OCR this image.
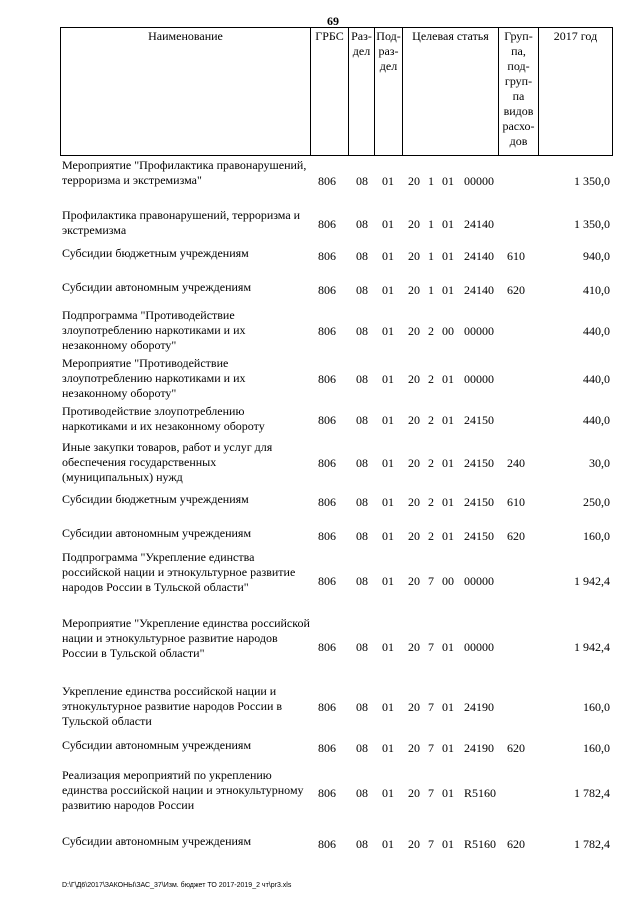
69
Наименование	ГРБС	Раз-
дел	Под-
раз-
дел	Целевая статья	Груп-
па,
под-
груп-
па
видов
расхо-
дов	2017 год
Мероприятие "Профилактика правонарушений, терроризма и экстремизма"	806	08	01	20 1 01 00000	1 350,0
Профилактика правонарушений, терроризма и экстремизма	806	08	01	20 1 01 24140	1 350,0
Субсидии бюджетным учреждениям	806	08	01	20 1 01 24140	610	940,0
Субсидии автономным учреждениям	806	08	01	20 1 01 24140	620	410,0
Подпрограмма "Противодействие злоупотреблению наркотиками и их незаконному обороту"
806	08	01	20 2 00 00000	440,0
Мероприятие "Противодействие злоупотреблению наркотиками и их незаконному обороту"
806	08	01	20 2 01 00000	440,0
Противодействие злоупотреблению наркотиками и их незаконному обороту	806	08	01	20 2 01 24150	440,0
Иные закупки товаров, работ и услуг для обеспечения государственных (муниципальных) нужд
806	08	01	20 2 01 24150	240	30,0
Субсидии бюджетным учреждениям	806	08	01	20 2 01 24150	610	250,0
Субсидии автономным учреждениям	806	08	01	20 2 01 24150	620	160,0
Подпрограмма "Укрепление единства российской нации и этнокультурное развитие народов России в Тульской области"	806	08	01	20 7 00 00000	1 942,4
Мероприятие "Укрепление единства российской нации и этнокультурное развитие народов России в Тульской области"	806	08	01	20 7 01 00000	1 942,4
Укрепление единства российской нации и этнокультурное развитие народов России в Тульской области
806	08	01	20 7 01 24190	160,0
Субсидии автономным учреждениям	806	08	01	20 7 01 24190	620	160,0
Реализация мероприятий по укреплению единства российской нации и этнокультурному развитию народов России
806	08	01	20 7 01 R5160	1 782,4
Субсидии автономным учреждениям	806	08	01	20 7 01 R5160 620	1 782,4
D:\Г\Д6\2017\ЗАКОНЫ\ЗАС_37\Изм. бюджет ТО 2017-2019_2 чт\pr3.xls
